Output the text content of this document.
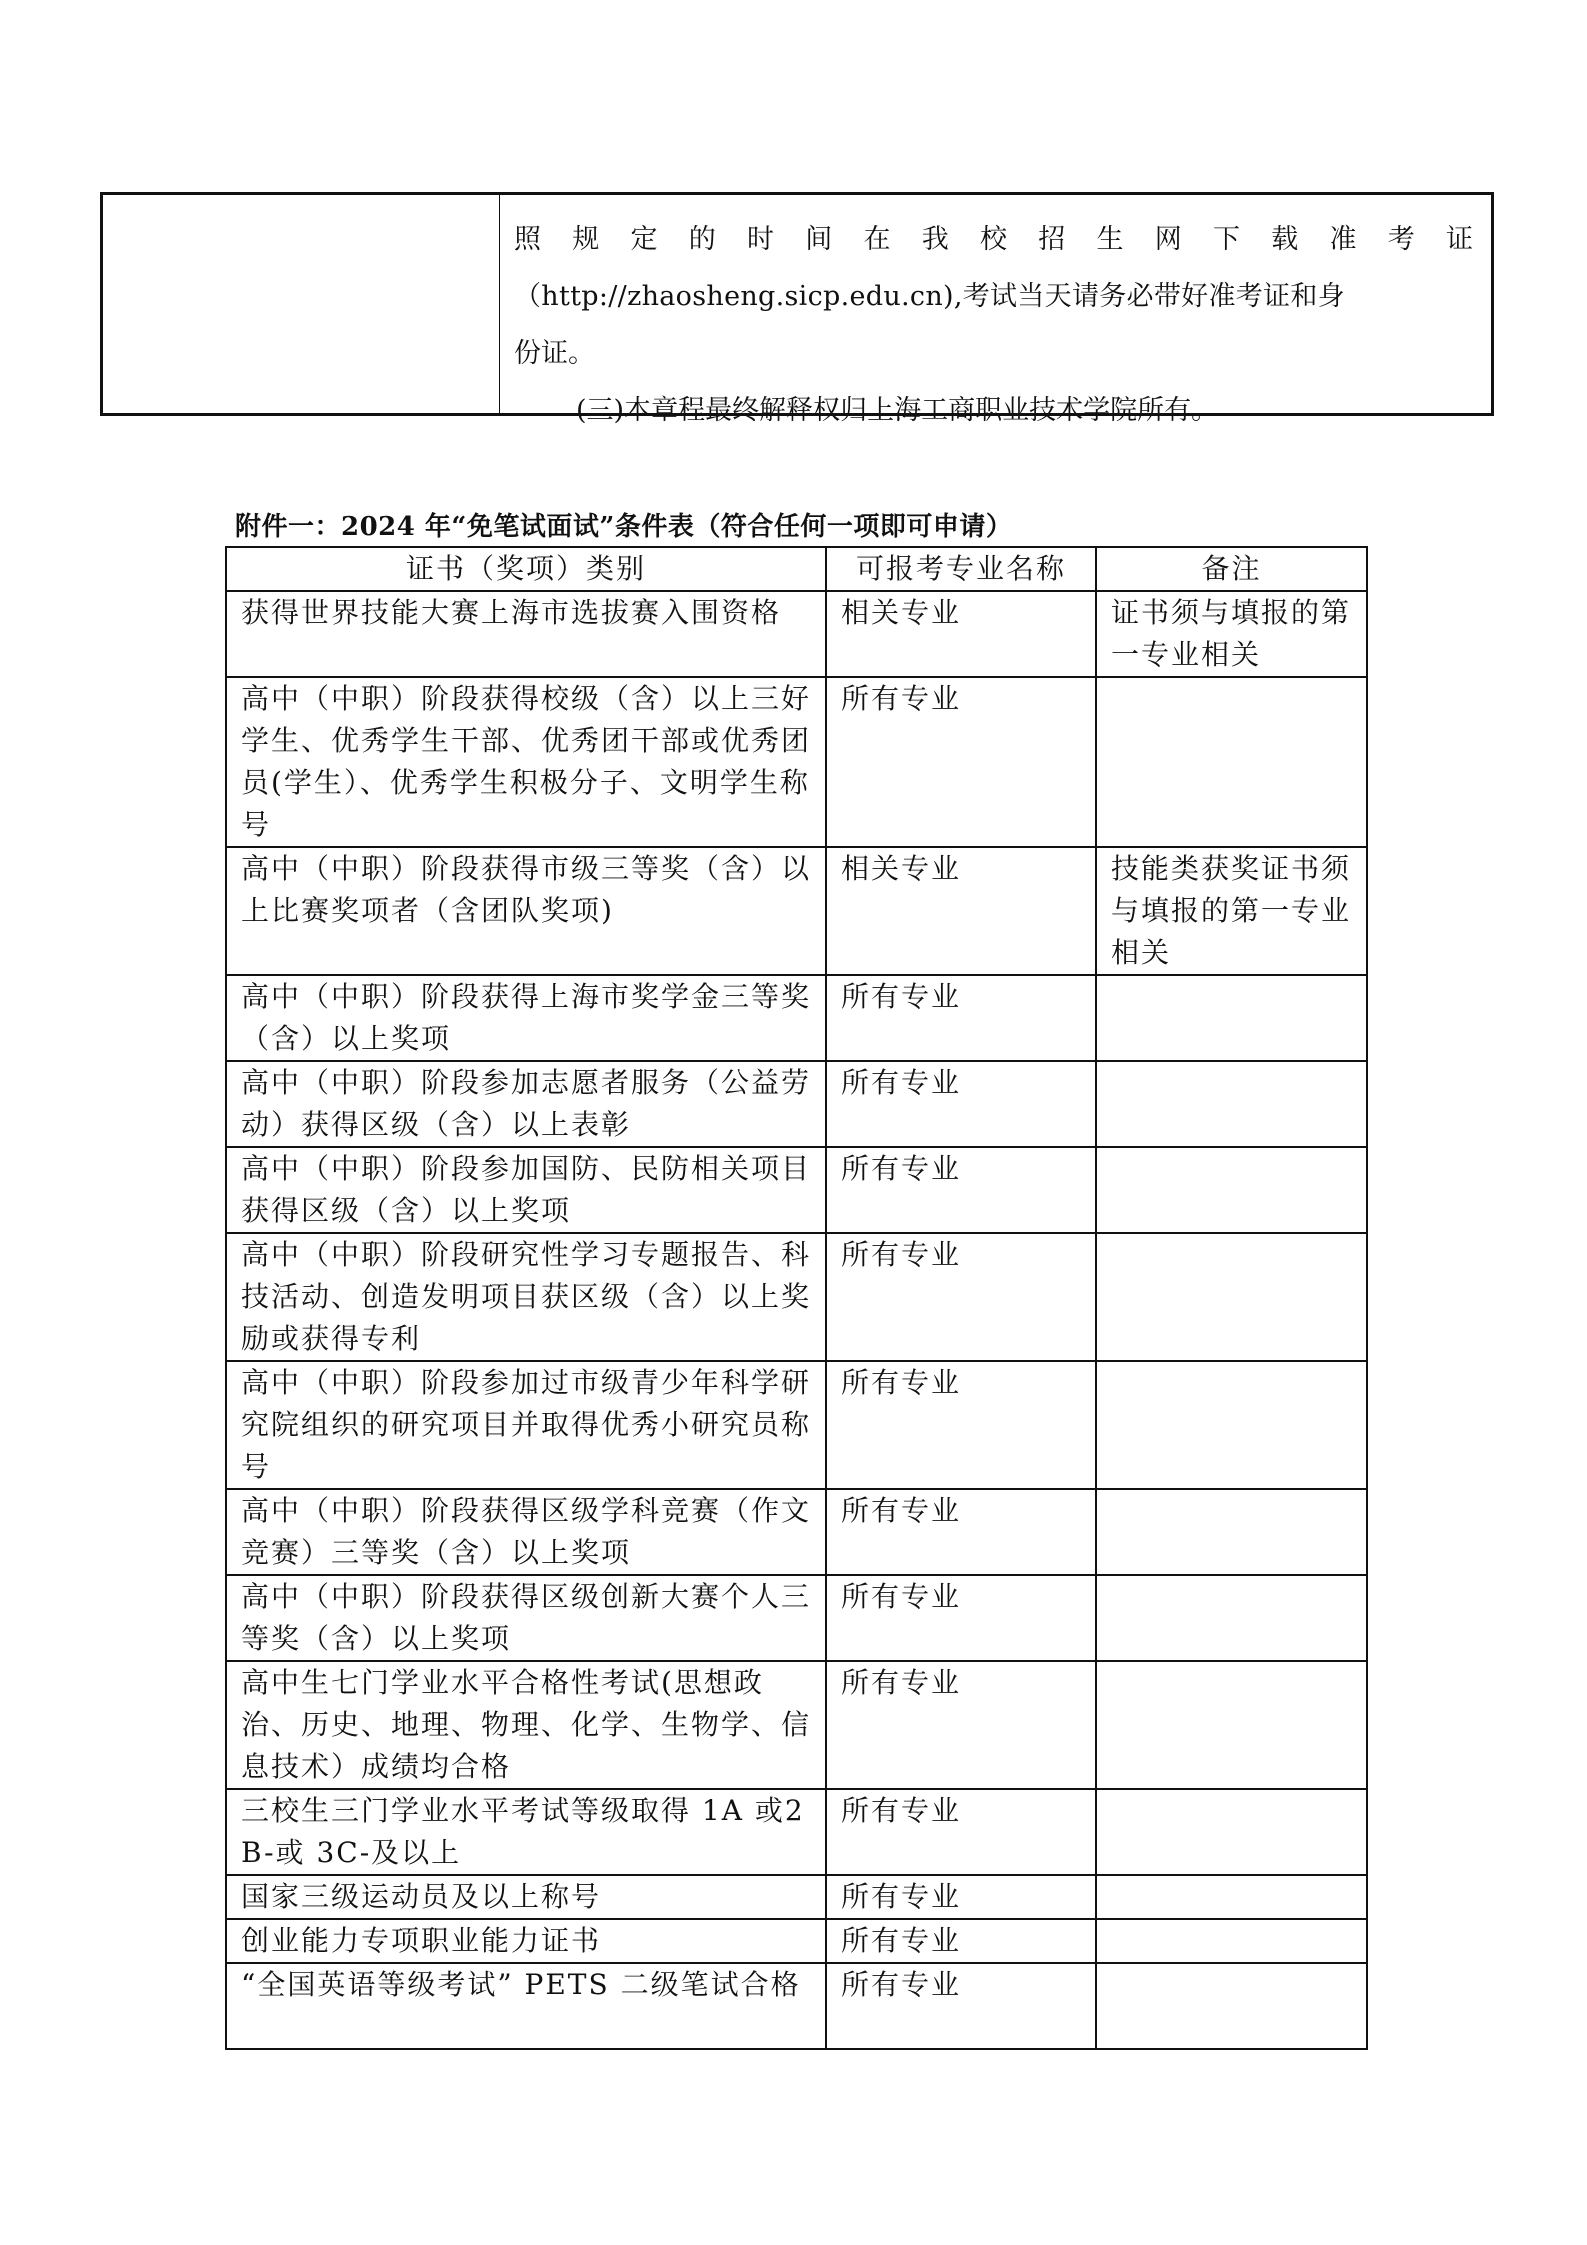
照 规 定 的 时 间 在 我 校 招 生 网 下 载 准 考 证
（http://zhaosheng.sicp.edu.cn),考试当天请务必带好准考证和身
份证。
(三)本章程最终解释权归上海工商职业技术学院所有。
附件一：2024 年“免笔试面试”条件表（符合任何一项即可申请）
证书（奖项）类别	可报考专业名称	备注

获得世界技能大赛上海市选拔赛入围资格	相关专业	证书须与填报的第一专业相关

高中（中职）阶段获得校级（含）以上三好学生、优秀学生干部、优秀团干部或优秀团员(学生）、优秀学生积极分子、文明学生称号	所有专业	

高中（中职）阶段获得市级三等奖（含）以上比赛奖项者（含团队奖项)	相关专业	技能类获奖证书须与填报的第一专业相关

高中（中职）阶段获得上海市奖学金三等奖（含）以上奖项	所有专业	

高中（中职）阶段参加志愿者服务（公益劳动）获得区级（含）以上表彰	所有专业	

高中（中职）阶段参加国防、民防相关项目获得区级（含）以上奖项	所有专业	

高中（中职）阶段研究性学习专题报告、科技活动、创造发明项目获区级（含）以上奖励或获得专利	所有专业	

高中（中职）阶段参加过市级青少年科学研究院组织的研究项目并取得优秀小研究员称号	所有专业	

高中（中职）阶段获得区级学科竞赛（作文竞赛）三等奖（含）以上奖项	所有专业	

高中（中职）阶段获得区级创新大赛个人三等奖（含）以上奖项	所有专业	

高中生七门学业水平合格性考试(思想政治、历史、地理、物理、化学、生物学、信息技术）成绩均合格	所有专业	

三校生三门学业水平考试等级取得 1A 或2B-或 3C-及以上	所有专业	

国家三级运动员及以上称号	所有专业	

创业能力专项职业能力证书	所有专业	

“全国英语等级考试” PETS 二级笔试合格	所有专业	
